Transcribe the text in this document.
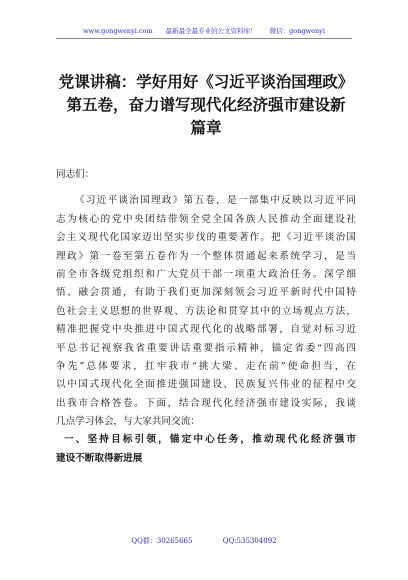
www.gongwenyi.com　　最新最全最专业的公文资料库！　　微信：gongwenyi
党课讲稿：学好用好《习近平谈治国理政》
第五卷，奋力谱写现代化经济强市建设新
篇章
同志们：
《习近平谈治国理政》第五卷，是一部集中反映以习近平同
志为核心的党中央团结带领全党全国各族人民推动全面建设社
会主义现代化国家迈出坚实步伐的重要著作。把《习近平谈治国
理政》第一卷至第五卷作为一个整体贯通起来系统学习，是当
前全市各级党组织和广大党员干部一项重大政治任务。深学细
悟、融会贯通，有助于我们更加深刻领会习近平新时代中国特
色社会主义思想的世界观、方法论和贯穿其中的立场观点方法，
精准把握党中央推进中国式现代化的战略部署，自觉对标习近
平总书记视察我省重要讲话重要指示精神，锚定省委“四高四
争先”总体要求，扛牢我市“挑大梁、走在前”使命担当，在
以中国式现代化全面推进强国建设、民族复兴伟业的征程中交
出我市合格答卷。下面，结合现代化经济强市建设实际，我谈
几点学习体会，与大家共同交流：
一、坚持目标引领，锚定中心任务，推动现代化经济强市
建设不断取得新进展
QQ群：30265665	QQ:535304092
